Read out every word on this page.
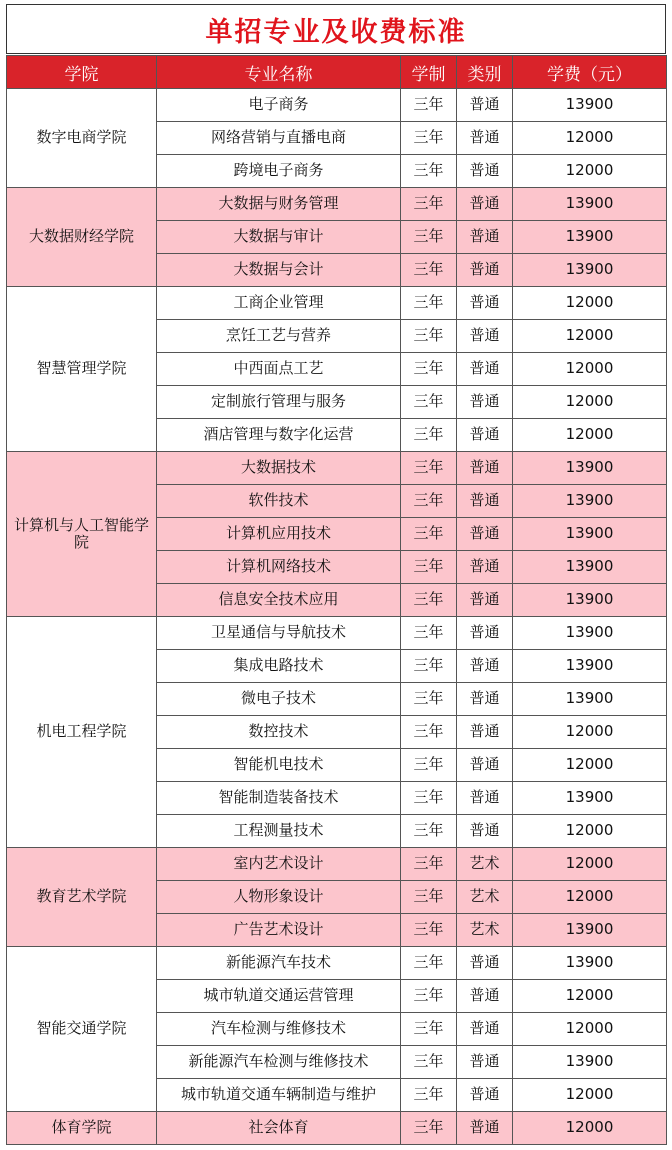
单招专业及收费标准
学院	专业名称	学制	类别	学费（元）
数字电商学院	电子商务	三年	普通	13900
	网络营销与直播电商	三年	普通	12000
	跨境电子商务	三年	普通	12000
大数据财经学院	大数据与财务管理	三年	普通	13900
	大数据与审计	三年	普通	13900
	大数据与会计	三年	普通	13900
智慧管理学院	工商企业管理	三年	普通	12000
	烹饪工艺与营养	三年	普通	12000
	中西面点工艺	三年	普通	12000
	定制旅行管理与服务	三年	普通	12000
	酒店管理与数字化运营	三年	普通	12000
计算机与人工智能学院	大数据技术	三年	普通	13900
	软件技术	三年	普通	13900
	计算机应用技术	三年	普通	13900
	计算机网络技术	三年	普通	13900
	信息安全技术应用	三年	普通	13900
机电工程学院	卫星通信与导航技术	三年	普通	13900
	集成电路技术	三年	普通	13900
	微电子技术	三年	普通	13900
	数控技术	三年	普通	12000
	智能机电技术	三年	普通	12000
	智能制造装备技术	三年	普通	13900
	工程测量技术	三年	普通	12000
教育艺术学院	室内艺术设计	三年	艺术	12000
	人物形象设计	三年	艺术	12000
	广告艺术设计	三年	艺术	13900
智能交通学院	新能源汽车技术	三年	普通	13900
	城市轨道交通运营管理	三年	普通	12000
	汽车检测与维修技术	三年	普通	12000
	新能源汽车检测与维修技术	三年	普通	13900
	城市轨道交通车辆制造与维护	三年	普通	12000
体育学院	社会体育	三年	普通	12000
